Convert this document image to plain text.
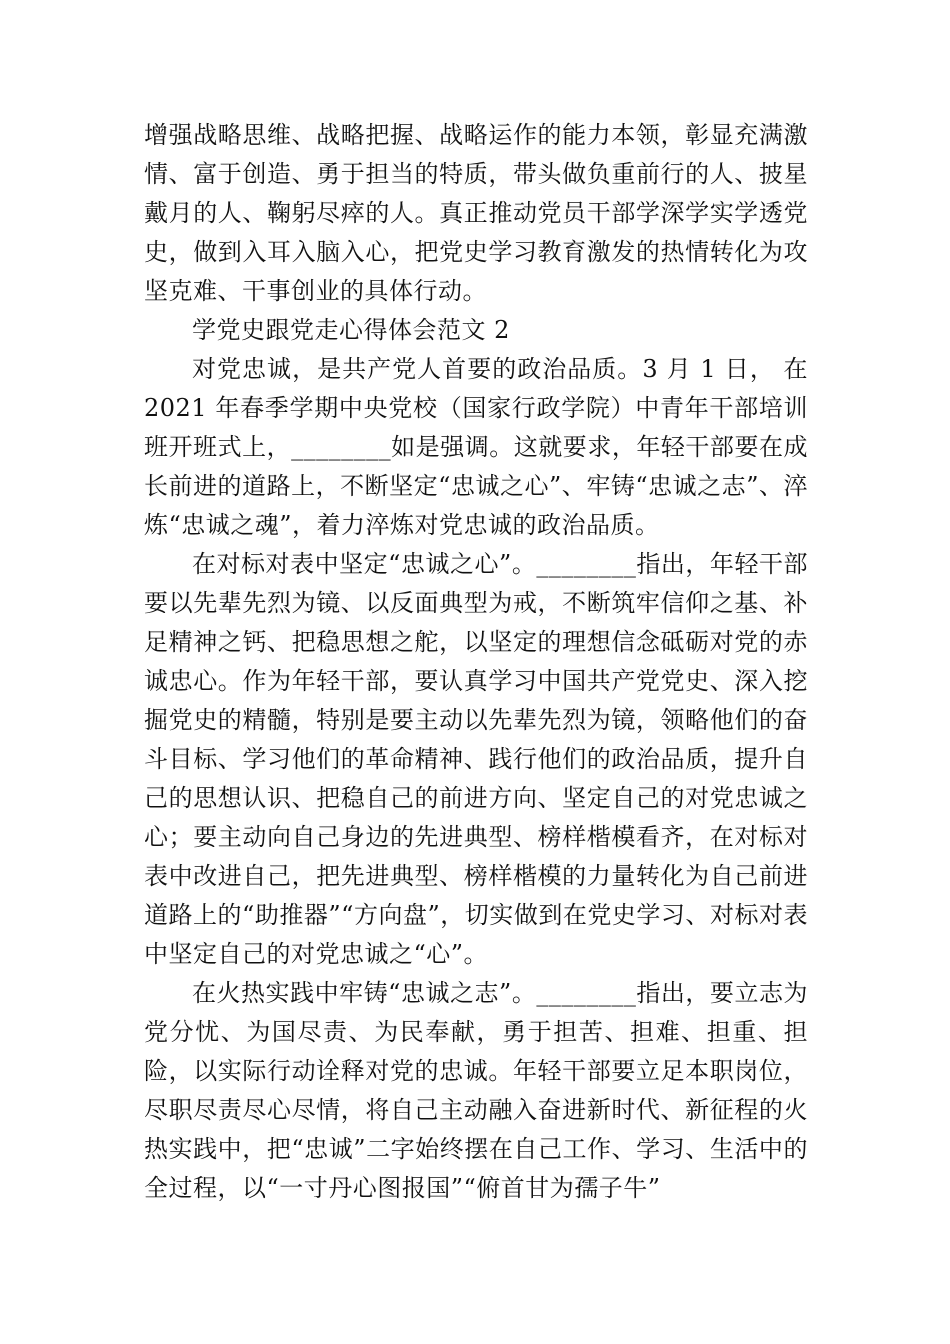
增强战略思维、战略把握、战略运作的能力本领，彰显充满激情、富于创造、勇于担当的特质，带头做负重前行的人、披星戴月的人、鞠躬尽瘁的人。真正推动党员干部学深学实学透党史，做到入耳入脑入心，把党史学习教育激发的热情转化为攻坚克难、干事创业的具体行动。

学党史跟党走心得体会范文 2

对党忠诚，是共产党人首要的政治品质。3 月 1 日， 在 2021 年春季学期中央党校（国家行政学院）中青年干部培训班开班式上，________如是强调。这就要求，年轻干部要在成长前进的道路上，不断坚定“忠诚之心”、牢铸“忠诚之志”、淬炼“忠诚之魂”，着力淬炼对党忠诚的政治品质。

在对标对表中坚定“忠诚之心”。________指出，年轻干部要以先辈先烈为镜、以反面典型为戒，不断筑牢信仰之基、补足精神之钙、把稳思想之舵，以坚定的理想信念砥砺对党的赤诚忠心。作为年轻干部，要认真学习中国共产党党史、深入挖掘党史的精髓，特别是要主动以先辈先烈为镜，领略他们的奋斗目标、学习他们的革命精神、践行他们的政治品质，提升自己的思想认识、把稳自己的前进方向、坚定自己的对党忠诚之心；要主动向自己身边的先进典型、榜样楷模看齐，在对标对表中改进自己，把先进典型、榜样楷模的力量转化为自己前进道路上的“助推器”“方向盘”，切实做到在党史学习、对标对表中坚定自己的对党忠诚之“心”。

在火热实践中牢铸“忠诚之志”。________指出，要立志为党分忧、为国尽责、为民奉献，勇于担苦、担难、担重、担险，以实际行动诠释对党的忠诚。年轻干部要立足本职岗位，尽职尽责尽心尽情，将自己主动融入奋进新时代、新征程的火热实践中，把“忠诚”二字始终摆在自己工作、学习、生活中的全过程，以“一寸丹心图报国”“俯首甘为孺子牛”
